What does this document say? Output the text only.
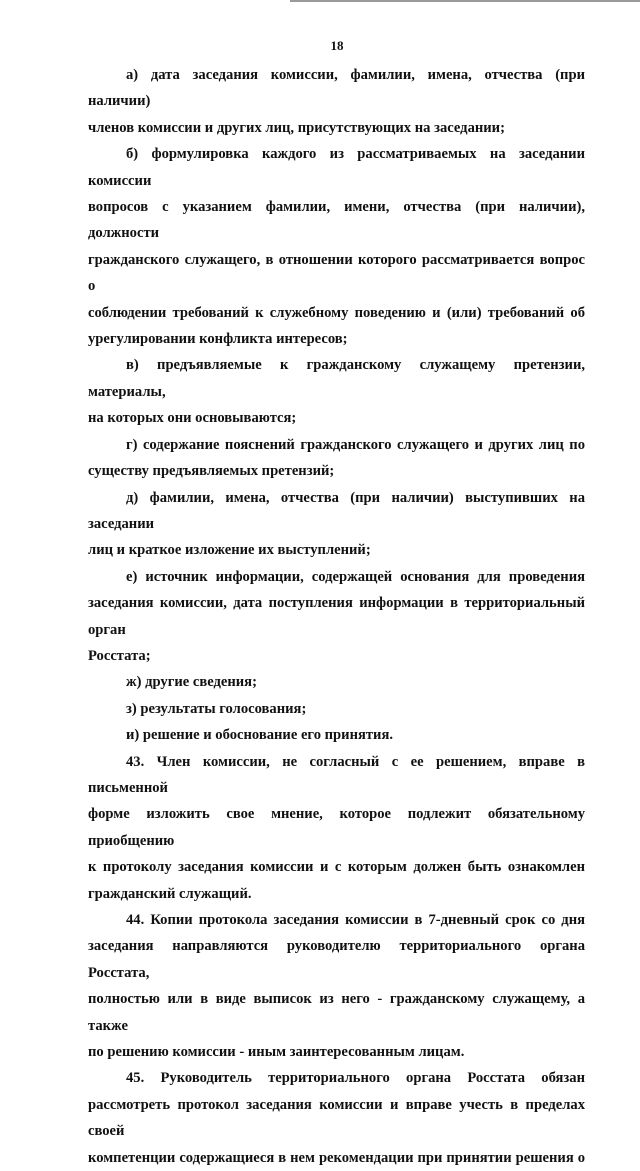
18

а) дата заседания комиссии, фамилии, имена, отчества (при наличии)
членов комиссии и других лиц, присутствующих на заседании;

б) формулировка каждого из рассматриваемых на заседании комиссии
вопросов с указанием фамилии, имени, отчества (при наличии), должности
гражданского служащего, в отношении которого рассматривается вопрос о
соблюдении требований к служебному поведению и (или) требований об
урегулировании конфликта интересов;

в) предъявляемые к гражданскому служащему претензии, материалы,
на которых они основываются;

г) содержание пояснений гражданского служащего и других лиц по
существу предъявляемых претензий;

д) фамилии, имена, отчества (при наличии) выступивших на заседании
лиц и краткое изложение их выступлений;

е) источник информации, содержащей основания для проведения
заседания комиссии, дата поступления информации в территориальный орган
Росстата;

ж) другие сведения;

з) результаты голосования;

и) решение и обоснование его принятия.

43. Член комиссии, не согласный с ее решением, вправе в письменной
форме изложить свое мнение, которое подлежит обязательному приобщению
к протоколу заседания комиссии и с которым должен быть ознакомлен
гражданский служащий.

44. Копии протокола заседания комиссии в 7-дневный срок со дня
заседания направляются руководителю территориального органа Росстата,
полностью или в виде выписок из него - гражданскому служащему, а также
по решению комиссии - иным заинтересованным лицам.

45. Руководитель территориального органа Росстата обязан
рассмотреть протокол заседания комиссии и вправе учесть в пределах своей
компетенции содержащиеся в нем рекомендации при принятии решения о
